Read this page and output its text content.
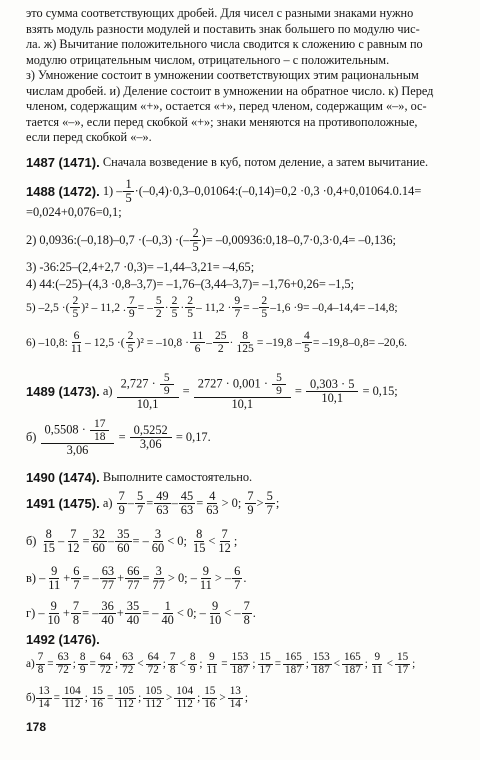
это сумма соответствующих дробей. Для чисел с разными знаками нужно

взять модуль разности модулей и поставить знак большего по модулю чис-

ла. ж) Вычитание положительного числа сводится к сложению с равным по

модулю отрицательным числом, отрицательного – с положительным.

з) Умножение состоит в умножении соответствующих этим рациональным

числам дробей. и) Деление состоит в умножении на обратное число. к) Перед

членом, содержащим «+», остается «+», перед членом, содержащим «–», ос-

тается «–», если перед скобкой «+»; знаки меняются на противоположные,

если перед скобкой «–».

1487 (1471).
Сначала возведение в куб, потом деление, а затем вычитание.
1488 (1472).
$1) - \frac{1}{5}$ ·(–0,4)·0,3–0,01064:(–0,14)=0,2 ·0,3 ·0,4+0,01064.0.14=
=0,024+0,076=0,1;
2) 0,0936:(–0,18)–0,7 ·(–0,3) ·(– $\frac{2}{5}$ )= –0,00936:0,18–0,7·0,3·0,4= –0,136;
3) -36:25–(2,4+2,7 ·0,3)= –1,44–3,21= –4,65;
4) 44:(–25)–(4,3 ·0,8–3,7)= –1,76–(3,44–3,7)= –1,76+0,26= –1,5;
5) –2,5 ·( $\frac{2}{5} )^2 - 11,2$ . $\frac{7}{9}$ = – $\frac{5}{2} \cdot \frac{2}{5} \cdot \frac{2}{5} - 11,2 \cdot \frac{9}{7}$ = – $\frac{2}{5} -1,6 \cdot 9= -0,4-14,4= -14,8$;
6) –10,8: $\frac{6}{11} - 12,5$ ·( $\frac{2}{5} )^2 = -10,8 \cdot \frac{11}{6} - \frac{25}{2} \cdot \frac{8}{125} = -19,8 - \frac{4}{5} = -19,8-0,8= -20,6$.
1489 (1473).
а)
$\frac{2,727 \cdot \frac{5}{9}}{10,1} = \frac{2727 \cdot 0,001 \cdot \frac{5}{9}}{10,1} = \frac{0,303 \cdot 5}{10,1}$
= 0,15;
б)
$\frac{0,5508 \cdot \frac{17}{18}}{3,06} = \frac{0,5252}{3,06}$
= 0,17.
1490 (1474).
Выполните самостоятельно.
1491 (1475).
а)
$\frac{7}{9} - \frac{5}{7} = \frac{49}{63} - \frac{45}{63} = \frac{4}{63} > 0$;
$\frac{7}{9} > \frac{5}{7}$ ;
б)
$\frac{8}{15} - \frac{7}{12} = \frac{32}{60} - \frac{35}{60}$ = – $\frac{3}{60} < 0$;
$\frac{8}{15} < \frac{7}{12}$ ;
в)
– $\frac{9}{11} + \frac{6}{7}$ = – $\frac{63}{77} + \frac{66}{77} = \frac{3}{77} > 0$; – $\frac{9}{11}$ > – $\frac{6}{7}$ .
г)
– $\frac{9}{10} + \frac{7}{8}$ = – $\frac{36}{40} + \frac{35}{40}$ = – $\frac{1}{40} < 0$; – $\frac{9}{10}$ < – $\frac{7}{8}$ .
1492 (1476).
$а) \frac{7}{8} = \frac{63}{72}$ ; $\frac{8}{9} = \frac{64}{72}$ ; $\frac{63}{72} < \frac{64}{72}$ ; $\frac{7}{8} < \frac{8}{9}$ ; $\frac{9}{11} = \frac{153}{187}$ ; $\frac{15}{17} = \frac{165}{187}$ ; $\frac{153}{187} < \frac{165}{187}$ ; $\frac{9}{11} < \frac{15}{17}$ ;
$б) \frac{13}{14} = \frac{104}{112}$ ; $\frac{15}{16} = \frac{105}{112}$ ; $\frac{105}{112} > \frac{104}{112}$ ; $\frac{15}{16} > \frac{13}{14}$ ;
178
